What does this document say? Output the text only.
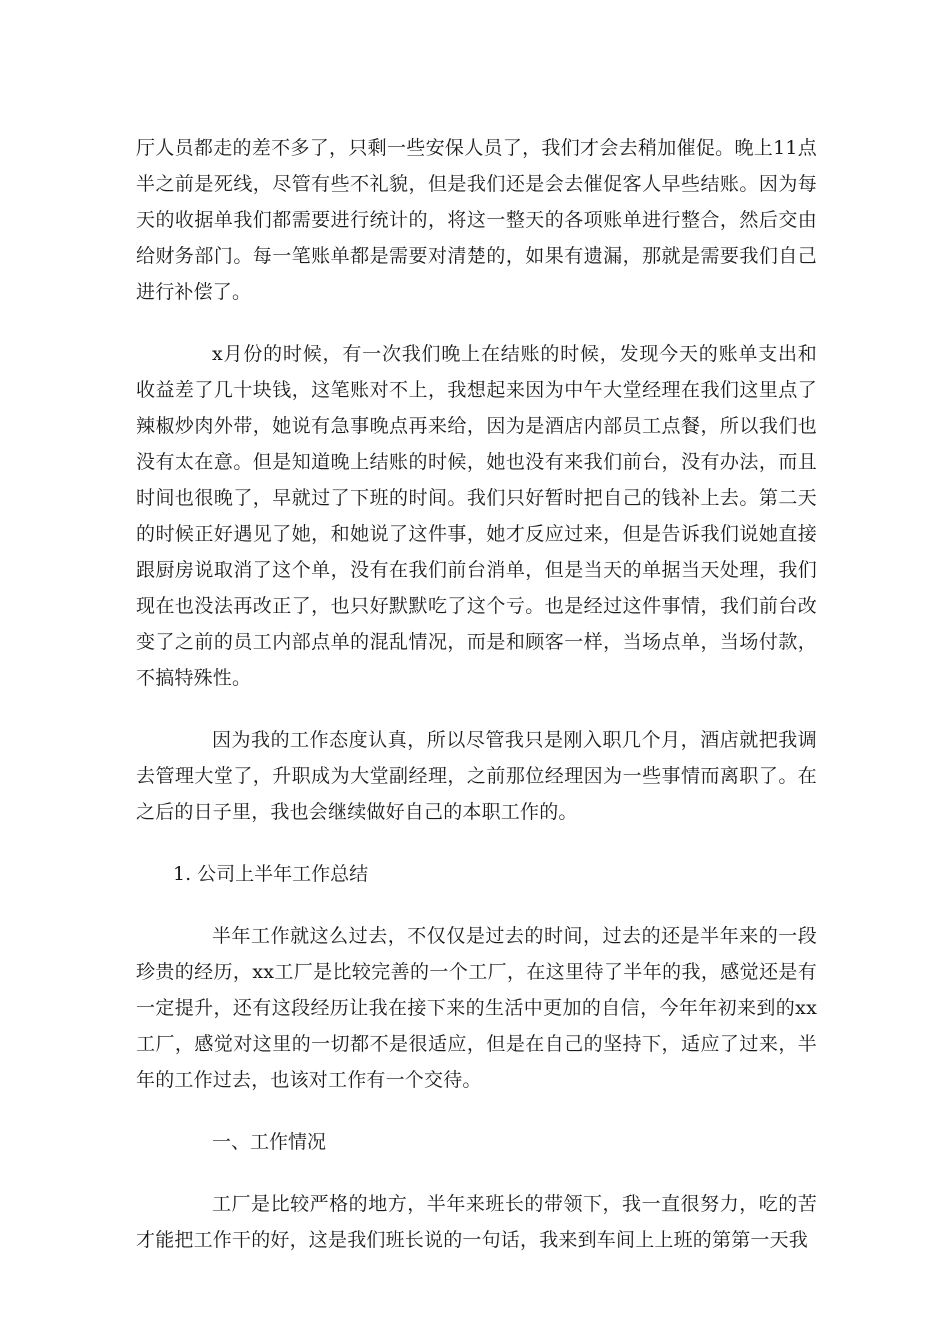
厅人员都走的差不多了，只剩一些安保人员了，我们才会去稍加催促。晚上11点半之前是死线，尽管有些不礼貌，但是我们还是会去催促客人早些结账。因为每天的收据单我们都需要进行统计的，将这一整天的各项账单进行整合，然后交由给财务部门。每一笔账单都是需要对清楚的，如果有遗漏，那就是需要我们自己进行补偿了。

x月份的时候，有一次我们晚上在结账的时候，发现今天的账单支出和收益差了几十块钱，这笔账对不上，我想起来因为中午大堂经理在我们这里点了辣椒炒肉外带，她说有急事晚点再来给，因为是酒店内部员工点餐，所以我们也没有太在意。但是知道晚上结账的时候，她也没有来我们前台，没有办法，而且时间也很晚了，早就过了下班的时间。我们只好暂时把自己的钱补上去。第二天的时候正好遇见了她，和她说了这件事，她才反应过来，但是告诉我们说她直接跟厨房说取消了这个单，没有在我们前台消单，但是当天的单据当天处理，我们现在也没法再改正了，也只好默默吃了这个亏。也是经过这件事情，我们前台改变了之前的员工内部点单的混乱情况，而是和顾客一样，当场点单，当场付款，不搞特殊性。

因为我的工作态度认真，所以尽管我只是刚入职几个月，酒店就把我调去管理大堂了，升职成为大堂副经理，之前那位经理因为一些事情而离职了。在之后的日子里，我也会继续做好自己的本职工作的。

1. 公司上半年工作总结

半年工作就这么过去，不仅仅是过去的时间，过去的还是半年来的一段珍贵的经历，xx工厂是比较完善的一个工厂，在这里待了半年的我，感觉还是有一定提升，还有这段经历让我在接下来的生活中更加的自信，今年年初来到的xx工厂，感觉对这里的一切都不是很适应，但是在自己的坚持下，适应了过来，半年的工作过去，也该对工作有一个交待。

一、工作情况

工厂是比较严格的地方，半年来班长的带领下，我一直很努力，吃的苦才能把工作干的好，这是我们班长说的一句话，我来到车间上上班的第第一天我
